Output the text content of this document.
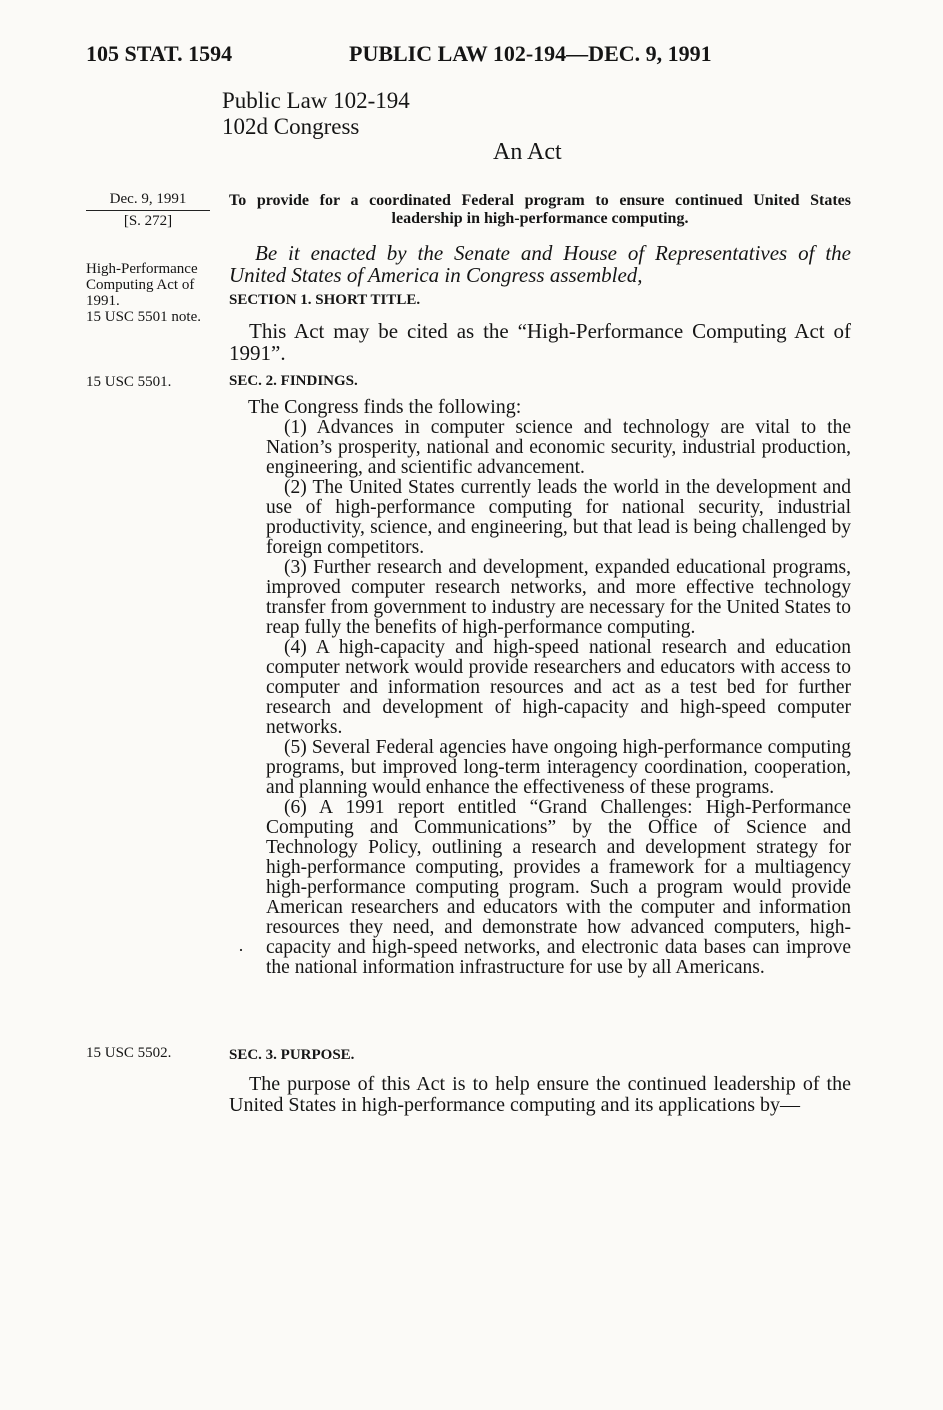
105 STAT. 1594	PUBLIC LAW 102-194—DEC. 9, 1991
Public Law 102-194
102d Congress
An Act
Dec. 9, 1991
[S. 272]
High-Performance Computing Act of 1991.
15 USC 5501 note.
15 USC 5501.
15 USC 5502.
To provide for a coordinated Federal program to ensure continued United States leadership in high-performance computing.
Be it enacted by the Senate and House of Representatives of the United States of America in Congress assembled,
SECTION 1. SHORT TITLE.
This Act may be cited as the “High-Performance Computing Act of 1991”.
SEC. 2. FINDINGS.
The Congress finds the following:

(1) Advances in computer science and technology are vital to the Nation’s prosperity, national and economic security, industrial production, engineering, and scientific advancement.

(2) The United States currently leads the world in the development and use of high-performance computing for national security, industrial productivity, science, and engineering, but that lead is being challenged by foreign competitors.

(3) Further research and development, expanded educational programs, improved computer research networks, and more effective technology transfer from government to industry are necessary for the United States to reap fully the benefits of high-performance computing.

(4) A high-capacity and high-speed national research and education computer network would provide researchers and educators with access to computer and information resources and act as a test bed for further research and development of high-capacity and high-speed computer networks.

(5) Several Federal agencies have ongoing high-performance computing programs, but improved long-term interagency coordination, cooperation, and planning would enhance the effectiveness of these programs.

(6) A 1991 report entitled “Grand Challenges: High-Performance Computing and Communications” by the Office of Science and Technology Policy, outlining a research and development strategy for high-performance computing, provides a framework for a multiagency high-performance computing program. Such a program would provide American researchers and educators with the computer and information resources they need, and demonstrate how advanced computers, high-capacity and high-speed networks, and electronic data bases can improve the national information infrastructure for use by all Americans.

·
SEC. 3. PURPOSE.
The purpose of this Act is to help ensure the continued leadership of the United States in high-performance computing and its applications by—
